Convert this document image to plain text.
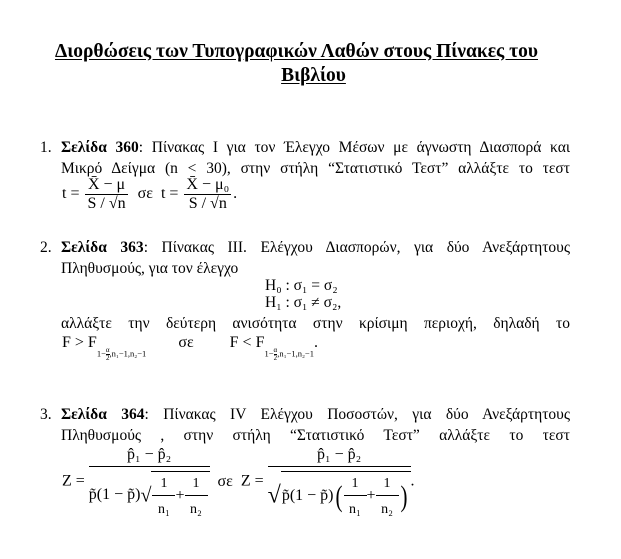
Διορθώσεις των Τυπογραφικών Λαθών στους Πίνακες του
Βιβλίου
1. Σελίδα 360: Πίνακας Ι για τον Έλεγχο Μέσων με άγνωστη Διασπορά και
Μικρό Δείγμα (n < 30), στην στήλη “Στατιστικό Τεστ” αλλάξτε το τεστ
$t = \frac{X̄ - \mu}{S / √n}$ σε $t = \frac{\text{X̄ − μ₀}}{S / √n}$ .
2. Σελίδα 363: Πίνακας ΙΙΙ. Ελέγχου Διασπορών, για δύο Ανεξάρτητους
Πληθυσμούς, για τον έλεγχο
H₀ : σ₁ = σ₂
H₁ : σ₁ ≠ σ₂,
αλλάξτε την δεύτερη ανισότητα στην κρίσιμη περιοχή, δηλαδή το
$F > F1- \frac{\alpha}{2} ,n_1-1,n_2-1$ σε $F < F1- \frac{\alpha}{2} ,n_1-1,n_2-1$.
3. Σελίδα 364: Πίνακας IV Ελέγχου Ποσοστών, για δύο Ανεξάρτητους
Πληθυσμούς , στην στήλη “Στατιστικό Τεστ” αλλάξτε το τεστ
$Z = \frac{\text{p̂₁ − p̂₂}}{p̃(1 - p̃)√ \frac{1}{\text{n₁}} + \frac{1}{\text{n₂}}}$ σε $Z = \frac{\text{p̂₁ − p̂₂}}{√p̃(1 - p̃)( \frac{1}{\text{n₁}} + \frac{1}{\text{n₂}} )}$ .
